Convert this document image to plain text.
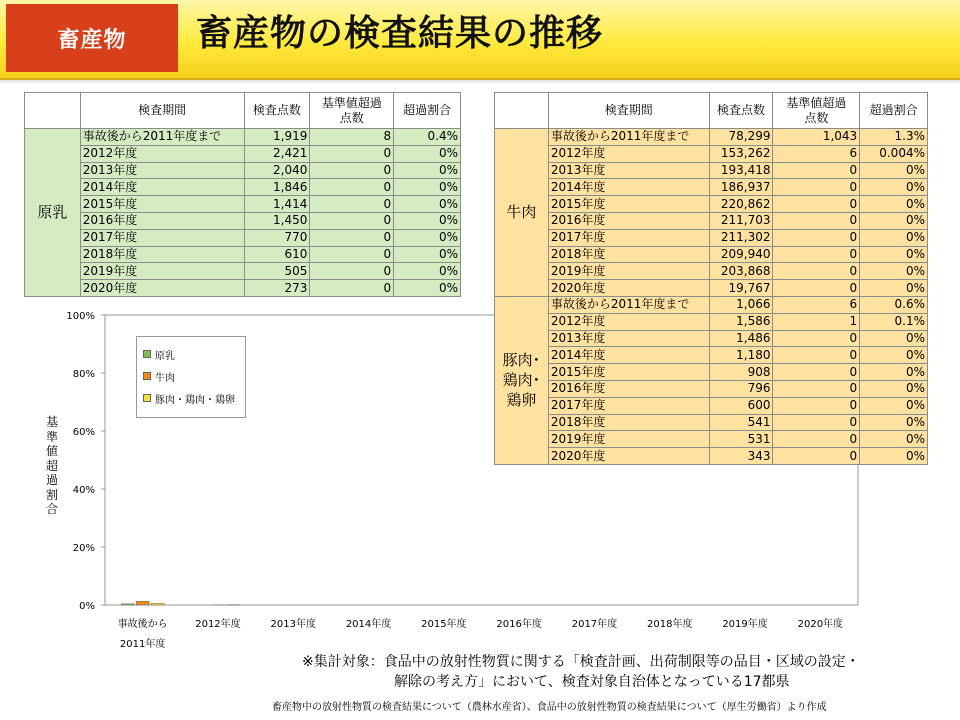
畜産物	畜産物の検査結果の推移
0%
20%
40%
60%
80%
100%
事故後から
2011年度
2012年度	2013年度	2014年度	2015年度	2016年度	2017年度	2018年度	2019年度	2020年度
基準値超過割合
原乳
牛肉
豚肉・鶏肉・鶏卵
	検査期間	検査点数	基準値超過
点数	超過割合
原乳	事故後から2011年度まで	1,919	8	0.4%
	2012年度	2,421	0	0%
	2013年度	2,040	0	0%
	2014年度	1,846	0	0%
	2015年度	1,414	0	0%
	2016年度	1,450	0	0%
	2017年度	770	0	0%
	2018年度	610	0	0%
	2019年度	505	0	0%
	2020年度	273	0	0%
	検査期間	検査点数	基準値超過
点数	超過割合
牛肉	事故後から2011年度まで	78,299	1,043	1.3%
	2012年度	153,262	6	0.004%
	2013年度	193,418	0	0%
	2014年度	186,937	0	0%
	2015年度	220,862	0	0%
	2016年度	211,703	0	0%
	2017年度	211,302	0	0%
	2018年度	209,940	0	0%
	2019年度	203,868	0	0%
	2020年度	19,767	0	0%

豚肉･
鶏肉･
鶏卵	事故後から2011年度まで	1,066	6	0.6%
	2012年度	1,586	1	0.1%
	2013年度	1,486	0	0%
	2014年度	1,180	0	0%
	2015年度	908	0	0%
	2016年度	796	0	0%
	2017年度	600	0	0%
	2018年度	541	0	0%
	2019年度	531	0	0%
	2020年度	343	0	0%
※集計対象：食品中の放射性物質に関する「検査計画、出荷制限等の品目・区域の設定・
解除の考え方」において、検査対象自治体となっている17都県
畜産物中の放射性物質の検査結果について（農林水産省）、食品中の放射性物質の検査結果について（厚生労働省）より作成
